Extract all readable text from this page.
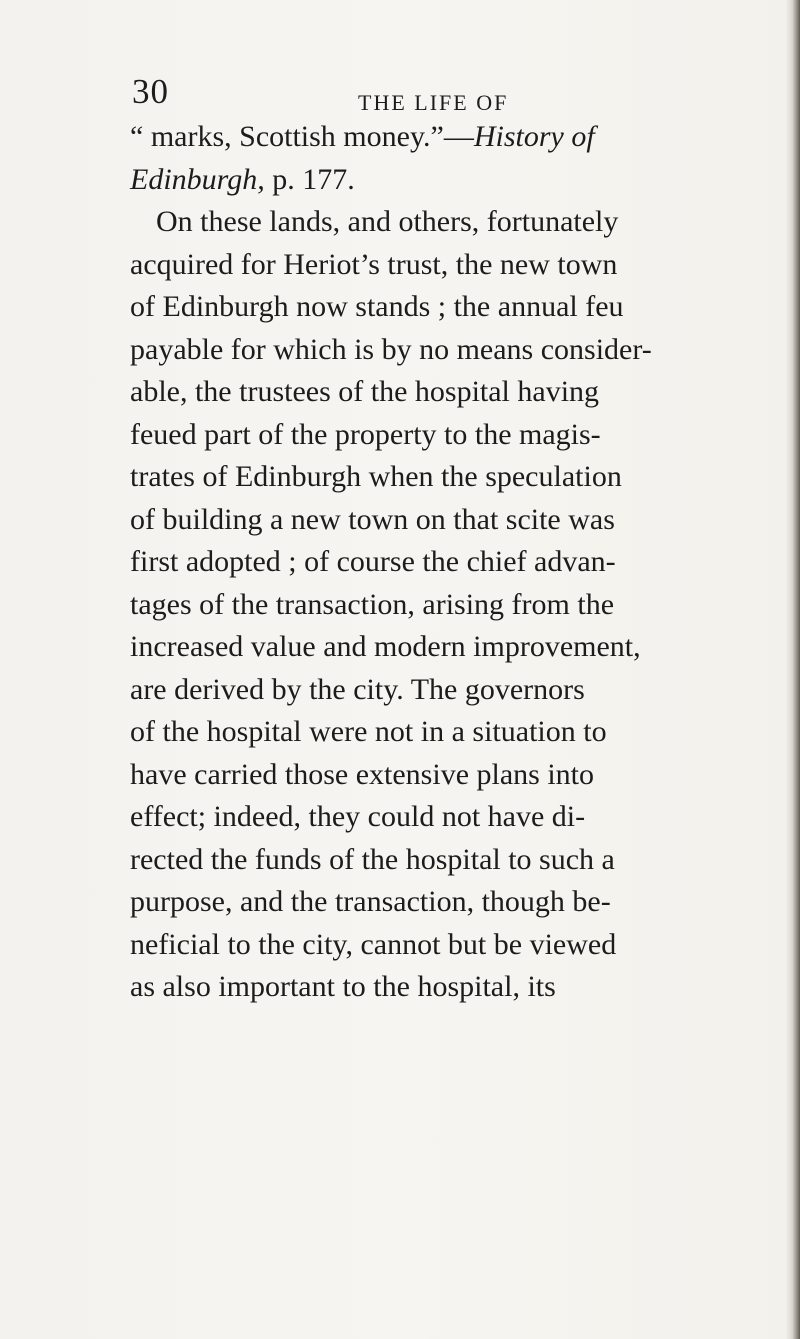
30	THE LIFE OF
“ marks, Scottish money.”—History of
Edinburgh, p. 177.
On these lands, and others, fortunately
acquired for Heriot’s trust, the new town
of Edinburgh now stands ; the annual feu
payable for which is by no means consider-
able, the trustees of the hospital having
feued part of the property to the magis-
trates of Edinburgh when the speculation
of building a new town on that scite was
first adopted ; of course the chief advan-
tages of the transaction, arising from the
increased value and modern improvement,
are derived by the city. The governors
of the hospital were not in a situation to
have carried those extensive plans into
effect; indeed, they could not have di-
rected the funds of the hospital to such a
purpose, and the transaction, though be-
neficial to the city, cannot but be viewed
as also important to the hospital, its
